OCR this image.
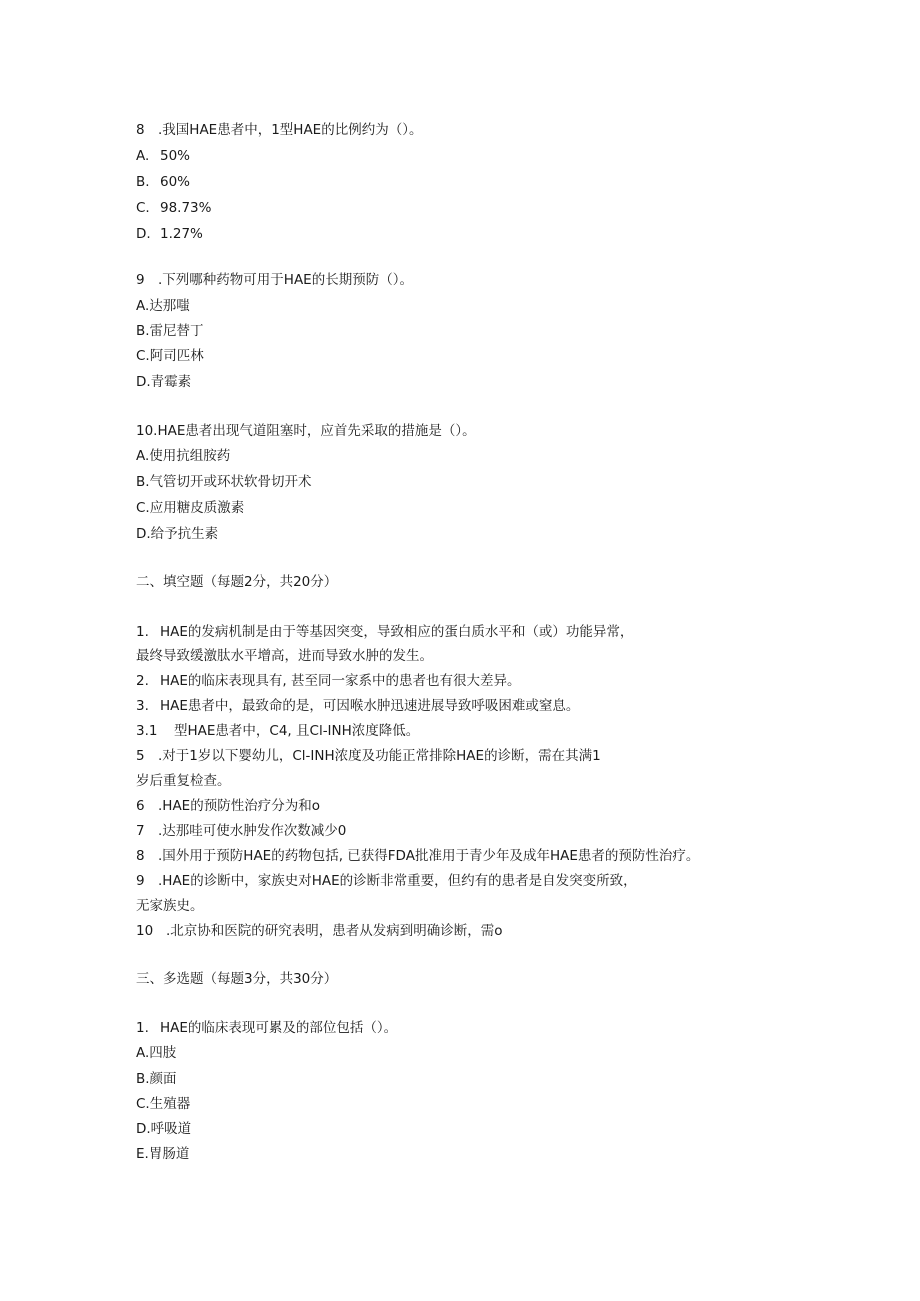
8 .我国HAE患者中，1型HAE的比例约为（）。
A. 50%
B. 60%
C. 98.73%
D. 1.27%
9 .下列哪种药物可用于HAE的长期预防（）。
A.达那嗤
B.雷尼替丁
C.阿司匹林
D.青霉素
10.HAE患者出现气道阻塞时，应首先采取的措施是（）。
A.使用抗组胺药
B.气管切开或环状软骨切开术
C.应用糖皮质激素
D.给予抗生素
二、填空题（每题2分，共20分）
1. HAE的发病机制是由于等基因突变，导致相应的蛋白质水平和（或）功能异常，
最终导致缓激肽水平增高，进而导致水肿的发生。
2. HAE的临床表现具有, 甚至同一家系中的患者也有很大差异。
3. HAE患者中，最致命的是，可因喉水肿迅速进展导致呼吸困难或窒息。
3.1 型HAE患者中，C4, 且Cl-INH浓度降低。
5 .对于1岁以下婴幼儿，Cl-INH浓度及功能正常排除HAE的诊断，需在其满1
岁后重复检查。
6 .HAE的预防性治疗分为和o
7 .达那哇可使水肿发作次数减少0
8 .国外用于预防HAE的药物包括, 已获得FDA批准用于青少年及成年HAE患者的预防性治疗。
9 .HAE的诊断中，家族史对HAE的诊断非常重要，但约有的患者是自发突变所致，
无家族史。
10 .北京协和医院的研究表明，患者从发病到明确诊断，需o
三、多选题（每题3分，共30分）
1. HAE的临床表现可累及的部位包括（）。
A.四肢
B.颜面
C.生殖器
D.呼吸道
E.胃肠道
